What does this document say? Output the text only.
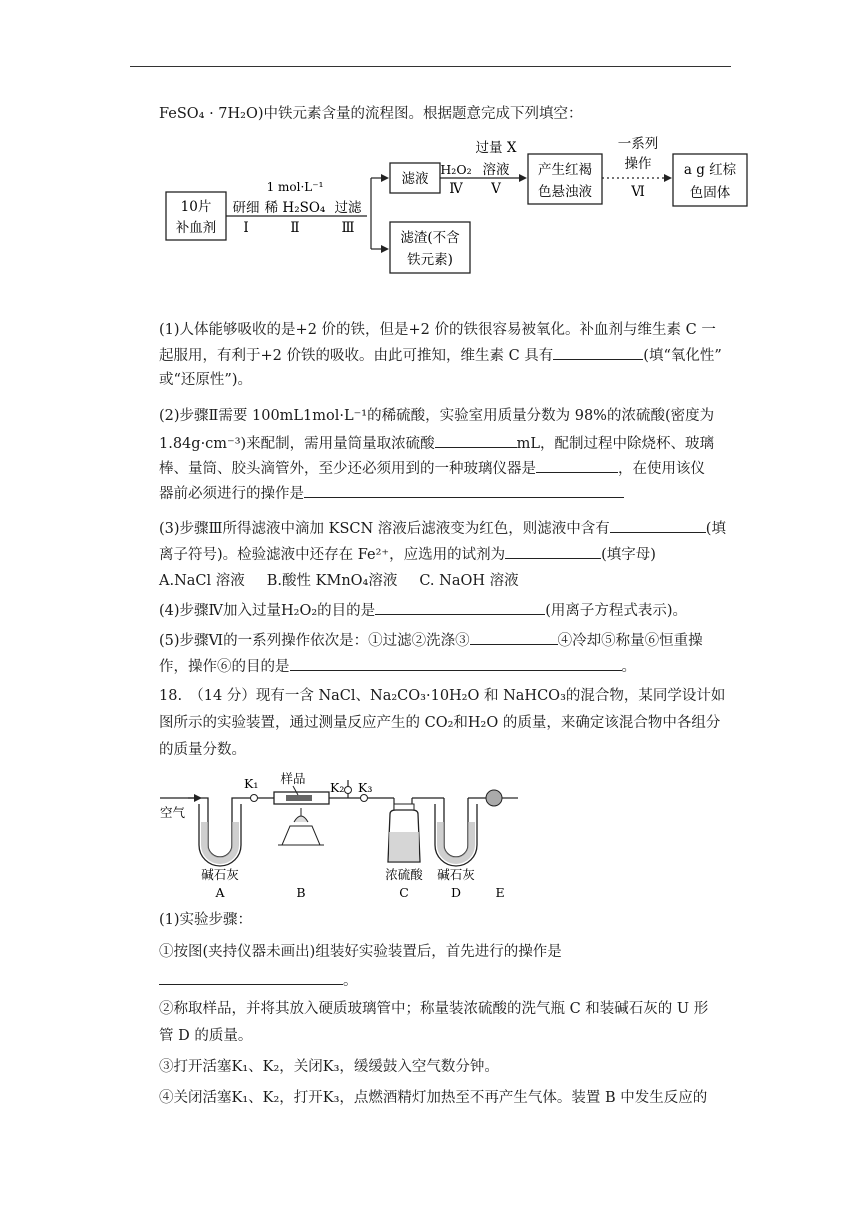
FeSO₄ · 7H₂O)中铁元素含量的流程图。根据题意完成下列填空：
10片
补血剂
研细
Ⅰ
1 mol·L⁻¹
稀 H₂SO₄
Ⅱ
过滤
Ⅲ
滤液
滤渣(不含
铁元素)
H₂O₂
Ⅳ
过量 X
溶液
Ⅴ
产生红褐
色悬浊液
一系列
操作
Ⅵ
a g 红棕
色固体
(1)人体能够吸收的是+2 价的铁，但是+2 价的铁很容易被氧化。补血剂与维生素 C 一
起服用，有利于+2 价铁的吸收。由此可推知，维生素 C 具有	(填“氧化性”
或“还原性”)。
(2)步骤Ⅱ需要 100mL1mol·L⁻¹的稀硫酸，实验室用质量分数为 98%的浓硫酸(密度为
1.84g·cm⁻³)来配制，需用量筒量取浓硫酸	mL，配制过程中除烧杯、玻璃
棒、量筒、胶头滴管外，至少还必须用到的一种玻璃仪器是	，在使用该仪
器前必须进行的操作是
(3)步骤Ⅲ所得滤液中滴加 KSCN 溶液后滤液变为红色，则滤液中含有	(填
离子符号)。检验滤液中还存在 Fe²⁺，应选用的试剂为	(填字母)
A.NaCl 溶液 B.酸性 KMnO₄溶液 C. NaOH 溶液
(4)步骤Ⅳ加入过量H₂O₂的目的是	(用离子方程式表示)。
(5)步骤Ⅵ的一系列操作依次是：①过滤②洗涤③	④冷却⑤称量⑥恒重操
作，操作⑥的目的是	。
18.　（14 分）现有一含 NaCl、Na₂CO₃·10H₂O 和 NaHCO₃的混合物，某同学设计如
图所示的实验装置，通过测量反应产生的 CO₂和H₂O 的质量，来确定该混合物中各组分
的质量分数。
空气
碱石灰
A
K₁ 样品
B
K₂ K₃
浓硫酸
C
碱石灰
D	E
(1)实验步骤：
①按图(夹持仪器未画出)组装好实验装置后，首先进行的操作是
。
②称取样品，并将其放入硬质玻璃管中；称量装浓硫酸的洗气瓶 C 和装碱石灰的 U 形
管 D 的质量。
③打开活塞K₁、K₂，关闭K₃，缓缓鼓入空气数分钟。
④关闭活塞K₁、K₂，打开K₃，点燃酒精灯加热至不再产生气体。装置 B 中发生反应的
